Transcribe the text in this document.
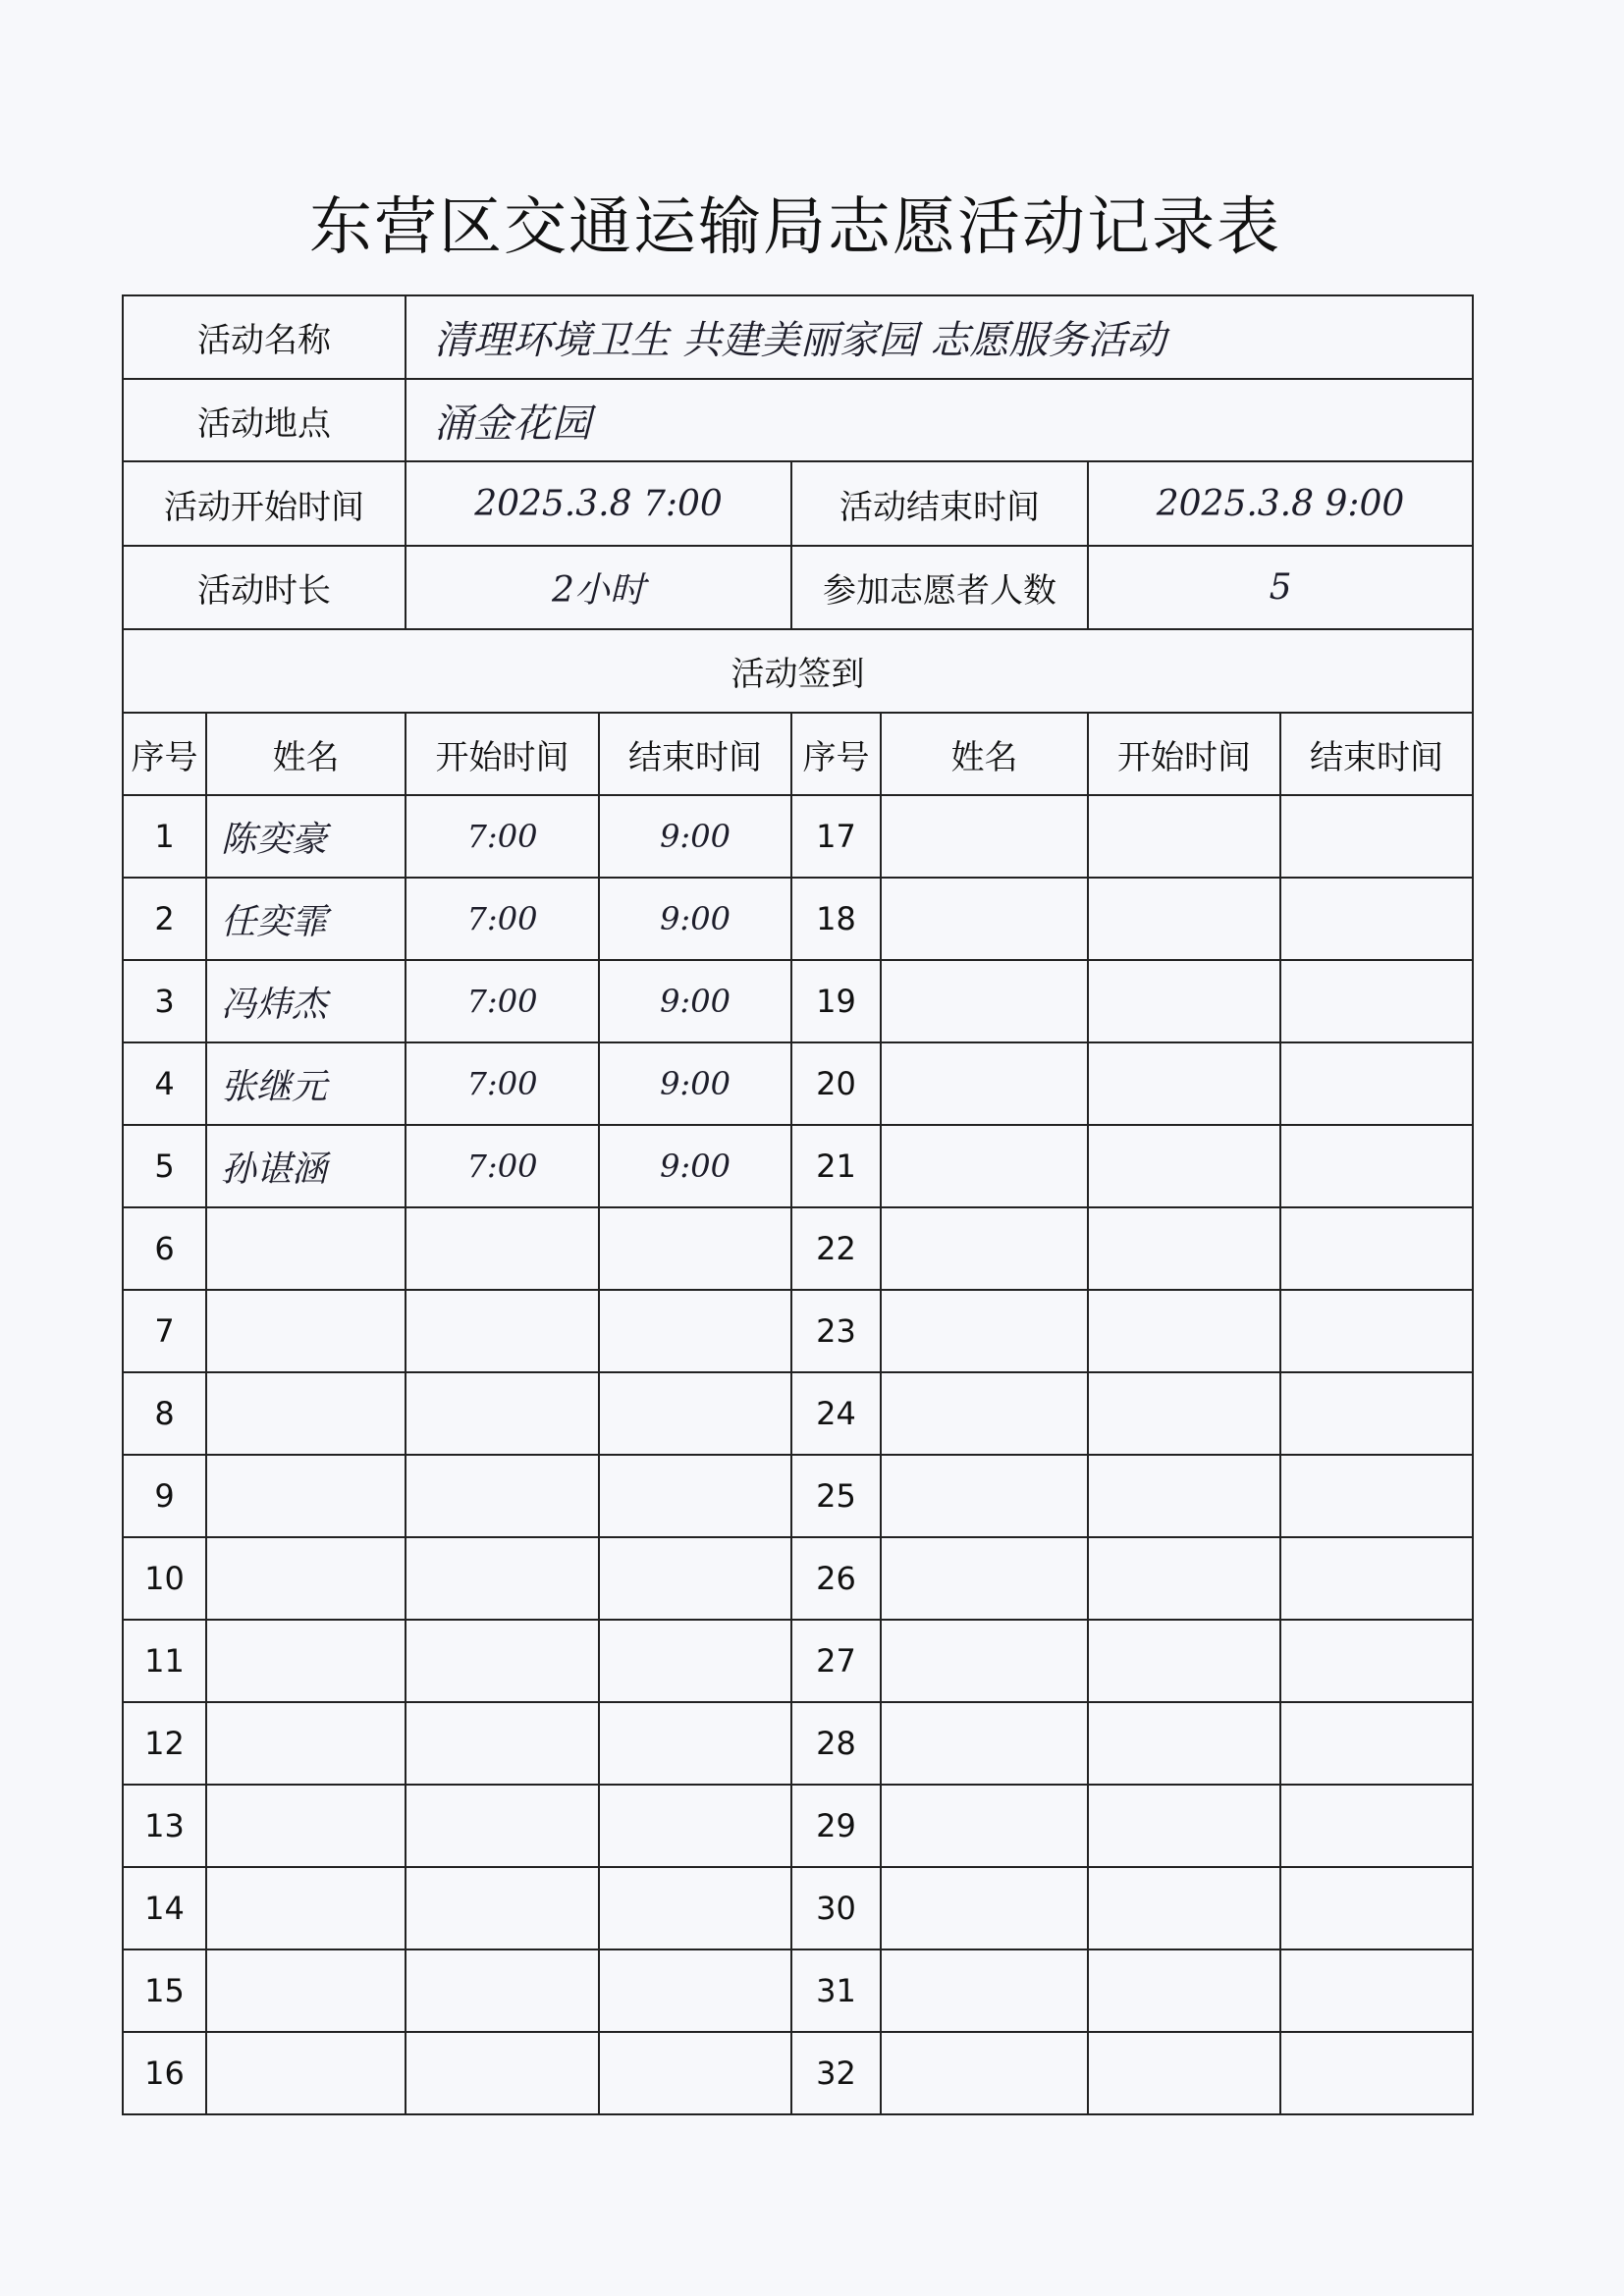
东营区交通运输局志愿活动记录表
活动名称		清理环境卫生 共建美丽家园 志愿服务活动					
活动地点		涌金花园					
活动开始时间		2025.3.8 7:00		活动结束时间		2025.3.8 9:00	
活动时长		2小时		参加志愿者人数		5	
活动签到							
序号	姓名	开始时间	结束时间	序号	姓名	开始时间	结束时间
1	陈奕豪	7:00	9:00	17			
2	任奕霏	7:00	9:00	18			
3	冯炜杰	7:00	9:00	19			
4	张继元	7:00	9:00	20			
5	孙谌涵	7:00	9:00	21			
6				22			
7				23			
8				24			
9				25			
10				26			
11				27			
12				28			
13				29			
14				30			
15				31			
16				32			
